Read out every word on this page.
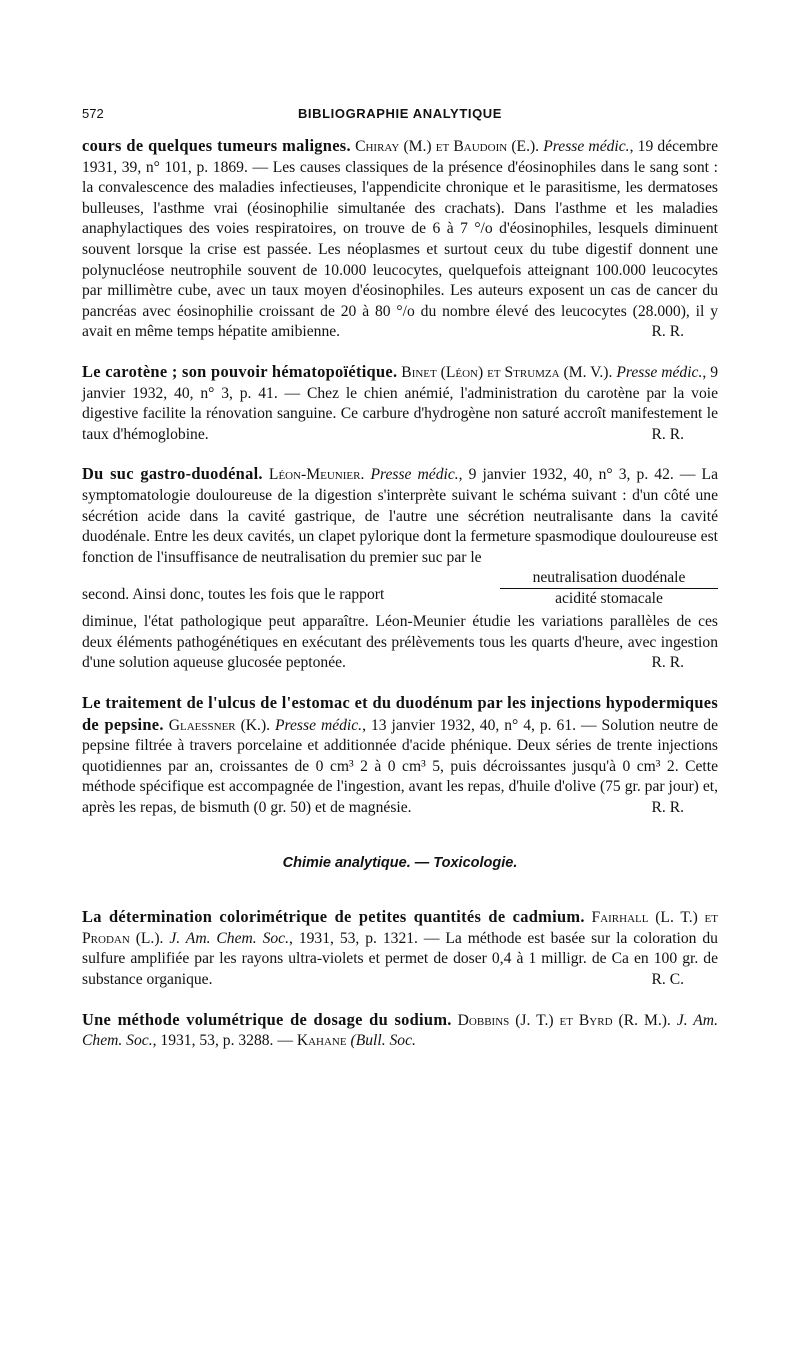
572	BIBLIOGRAPHIE ANALYTIQUE

cours de quelques tumeurs malignes. Chiray (M.) et Baudoin (E.). Presse médic., 19 décembre 1931, 39, n° 101, p. 1869. — Les causes classiques de la présence d'éosinophiles dans le sang sont : la convalescence des maladies infectieuses, l'appendicite chronique et le parasitisme, les dermatoses bulleuses, l'asthme vrai (éosinophilie simultanée des crachats). Dans l'asthme et les maladies anaphylactiques des voies respiratoires, on trouve de 6 à 7 °/o d'éosinophiles, lesquels diminuent souvent lorsque la crise est passée. Les néoplasmes et surtout ceux du tube digestif donnent une polynucléose neutrophile souvent de 10.000 leucocytes, quelquefois atteignant 100.000 leucocytes par millimètre cube, avec un taux moyen d'éosinophiles. Les auteurs exposent un cas de cancer du pancréas avec éosinophilie croissant de 20 à 80 °/o du nombre élevé des leucocytes (28.000), il y avait en même temps hépatite amibienne.	R. R.

Le carotène ; son pouvoir hématopoïétique. Binet (Léon) et Strumza (M. V.). Presse médic., 9 janvier 1932, 40, n° 3, p. 41. — Chez le chien anémié, l'administration du carotène par la voie digestive facilite la rénovation sanguine. Ce carbure d'hydrogène non saturé accroît manifestement le taux d'hémoglobine.	R. R.

Du suc gastro-duodénal. Léon-Meunier. Presse médic., 9 janvier 1932, 40, n° 3, p. 42. — La symptomatologie douloureuse de la digestion s'interprète suivant le schéma suivant : d'un côté une sécrétion acide dans la cavité gastrique, de l'autre une sécrétion neutralisante dans la cavité duodénale. Entre les deux cavités, un clapet pylorique dont la fermeture spasmodique douloureuse est fonction de l'insuffisance de neutralisation du premier suc par le

second. Ainsi donc, toutes les fois que le rapport
neutralisation duodénale
acidité stomacale

diminue, l'état pathologique peut apparaître. Léon-Meunier étudie les variations parallèles de ces deux éléments pathogénétiques en exécutant des prélèvements tous les quarts d'heure, avec ingestion d'une solution aqueuse glucosée peptonée.	R. R.

Le traitement de l'ulcus de l'estomac et du duodénum par les injections hypodermiques de pepsine. Glaessner (K.). Presse médic., 13 janvier 1932, 40, n° 4, p. 61. — Solution neutre de pepsine filtrée à travers porcelaine et additionnée d'acide phénique. Deux séries de trente injections quotidiennes par an, croissantes de 0 cm³ 2 à 0 cm³ 5, puis décroissantes jusqu'à 0 cm³ 2. Cette méthode spécifique est accompagnée de l'ingestion, avant les repas, d'huile d'olive (75 gr. par jour) et, après les repas, de bismuth (0 gr. 50) et de magnésie.	R. R.

Chimie analytique. — Toxicologie.

La détermination colorimétrique de petites quantités de cadmium. Fairhall (L. T.) et Prodan (L.). J. Am. Chem. Soc., 1931, 53, p. 1321. — La méthode est basée sur la coloration du sulfure amplifiée par les rayons ultra-violets et permet de doser 0,4 à 1 milligr. de Ca en 100 gr. de substance organique.	R. C.

Une méthode volumétrique de dosage du sodium. Dobbins (J. T.) et Byrd (R. M.). J. Am. Chem. Soc., 1931, 53, p. 3288. — Kahane (Bull. Soc.
